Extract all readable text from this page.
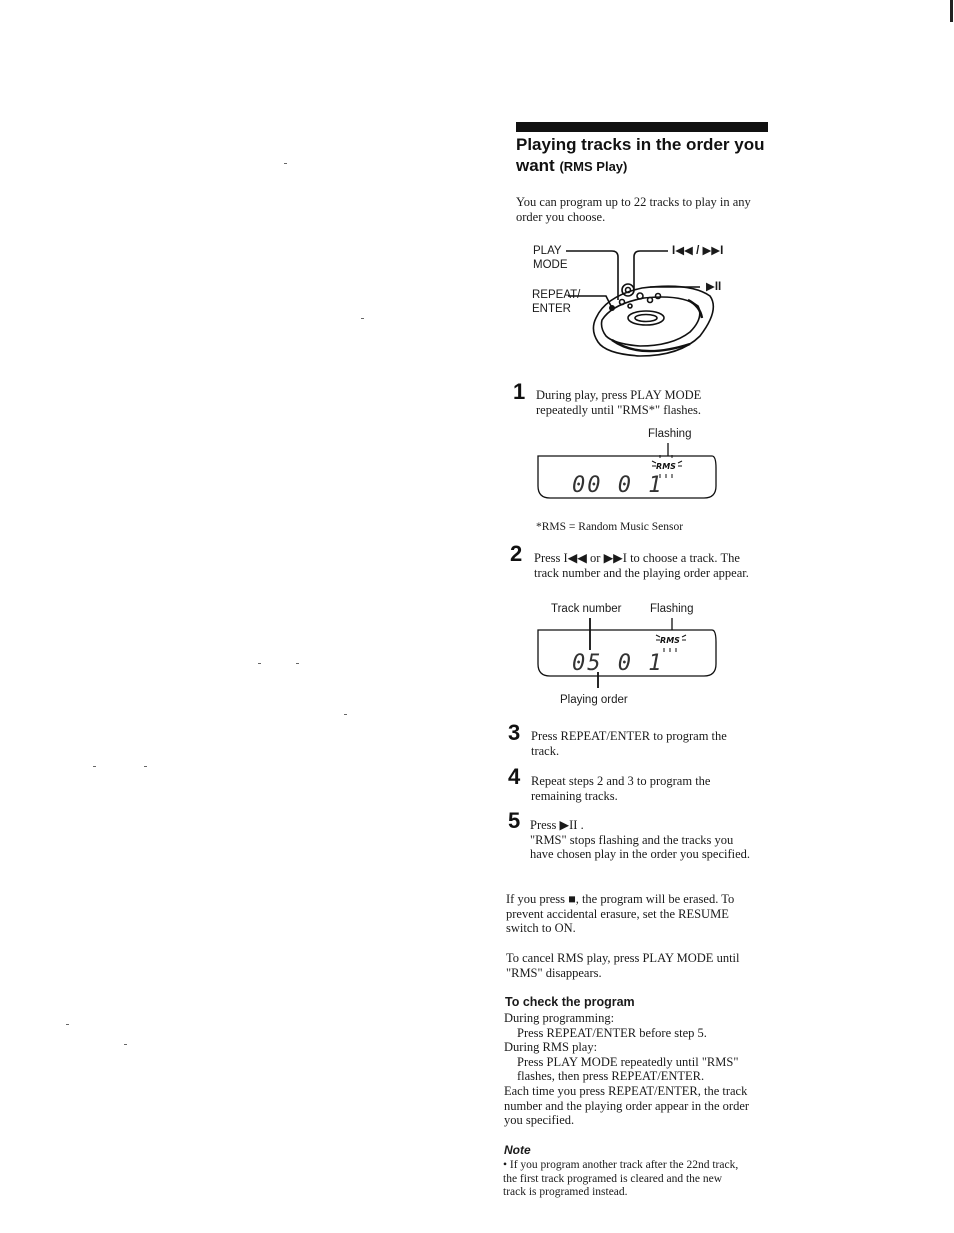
Playing tracks in the order you want (RMS Play)
You can program up to 22 tracks to play in any order you choose.
PLAY
MODE
REPEAT/
ENTER
I◀◀ / ▶▶I
▶II
1 During play, press PLAY MODE repeatedly until "RMS*" flashes.
Flashing
RMS
00 0 1
*RMS = Random Music Sensor
2 Press I◀◀ or ▶▶I to choose a track. The track number and the playing order appear.
Track number Flashing
RMS
05 0 1
Playing order
3 Press REPEAT/ENTER to program the track.
4 Repeat steps 2 and 3 to program the remaining tracks.
5 Press ▶II .
"RMS" stops flashing and the tracks you have chosen play in the order you specified.
If you press ■, the program will be erased. To prevent accidental erasure, set the RESUME switch to ON.
To cancel RMS play, press PLAY MODE until "RMS" disappears.
To check the program
During programming:
Press REPEAT/ENTER before step 5.
During RMS play:
Press PLAY MODE repeatedly until "RMS" flashes, then press REPEAT/ENTER.
Each time you press REPEAT/ENTER, the track number and the playing order appear in the order you specified.
Note
• If you program another track after the 22nd track, the first track programed is cleared and the new track is programed instead.
